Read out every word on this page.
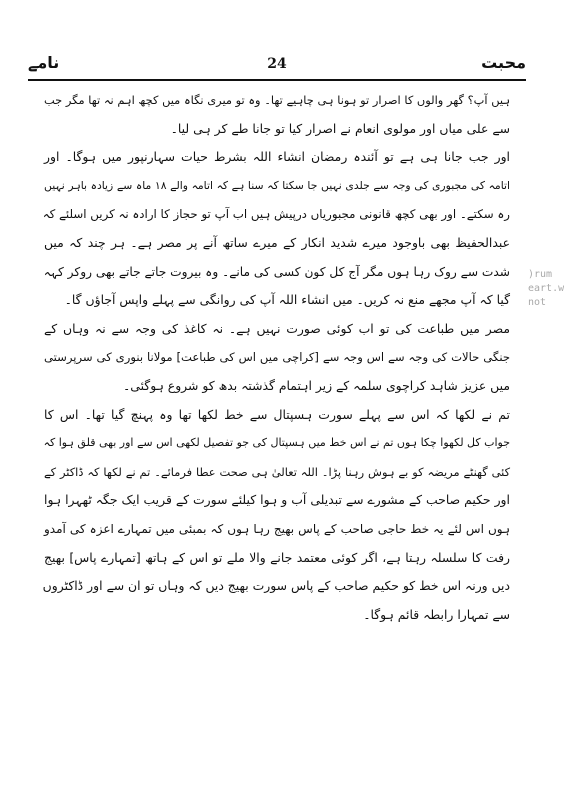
نامے	24	محبت
ہیں آپ؟ گھر والوں کا اصرار تو ہونا ہی چاہیے تھا۔ وہ تو میری نگاہ میں کچھ اہم نہ تھا مگر جب
سے علی میاں اور مولوی انعام نے اصرار کیا تو جانا طے کر ہی لیا۔
اور جب جانا ہی ہے تو آئندہ رمضان انشاء اللہ بشرط حیات سہارنپور میں ہوگا۔ اور
اتامہ کی مجبوری کی وجہ سے جلدی نہیں جا سکتا کہ سنا ہے کہ اتامہ والے ۱۸ ماہ سے زیادہ باہر نہیں
رہ سکتے۔ اور بھی کچھ قانونی مجبوریاں درپیش ہیں اب آپ تو حجاز کا ارادہ نہ کریں اسلئے کہ
عبدالحفیظ بھی باوجود میرے شدید انکار کے میرے ساتھ آنے پر مصر ہے۔ ہر چند کہ میں
شدت سے روک رہا ہوں مگر آج کل کون کسی کی مانے۔ وہ بیروت جاتے جاتے بھی روکر کہہ
گیا کہ آپ مجھے منع نہ کریں۔ میں انشاء اللہ آپ کی روانگی سے پہلے واپس آجاؤں گا۔
مصر میں طباعت کی تو اب کوئی صورت نہیں ہے۔ نہ کاغذ کی وجہ سے نہ وہاں کے
جنگی حالات کی وجہ سے اس وجہ سے [کراچی میں اس کی طباعت] مولانا بنوری کی سرپرستی
میں عزیز شاہد کراچوی سلمہ کے زیر اہتمام گذشتہ بدھ کو شروع ہوگئی۔
تم نے لکھا کہ اس سے پہلے سورت ہسپتال سے خط لکھا تھا وہ پہنچ گیا تھا۔ اس کا
جواب کل لکھوا چکا ہوں تم نے اس خط میں ہسپتال کی جو تفصیل لکھی اس سے اور بھی قلق ہوا کہ
کئی گھنٹے مریضہ کو بے ہوش رہنا پڑا۔ اللہ تعالیٰ ہی صحت عطا فرمائے۔ تم نے لکھا کہ ڈاکٹر کے
اور حکیم صاحب کے مشورے سے تبدیلی آب و ہوا کیلئے سورت کے قریب ایک جگہ ٹھہرا ہوا
ہوں اس لئے یہ خط حاجی صاحب کے پاس بھیج رہا ہوں کہ بمبئی میں تمہارے اعزہ کی آمدو
رفت کا سلسلہ رہتا ہے، اگر کوئی معتمد جانے والا ملے تو اس کے ہاتھ [تمہارے پاس] بھیج
دیں ورنہ اس خط کو حکیم صاحب کے پاس سورت بھیج دیں کہ وہاں تو ان سے اور ڈاکٹروں
سے تمہارا رابطہ قائم ہوگا۔
)rum
eart.w
not
